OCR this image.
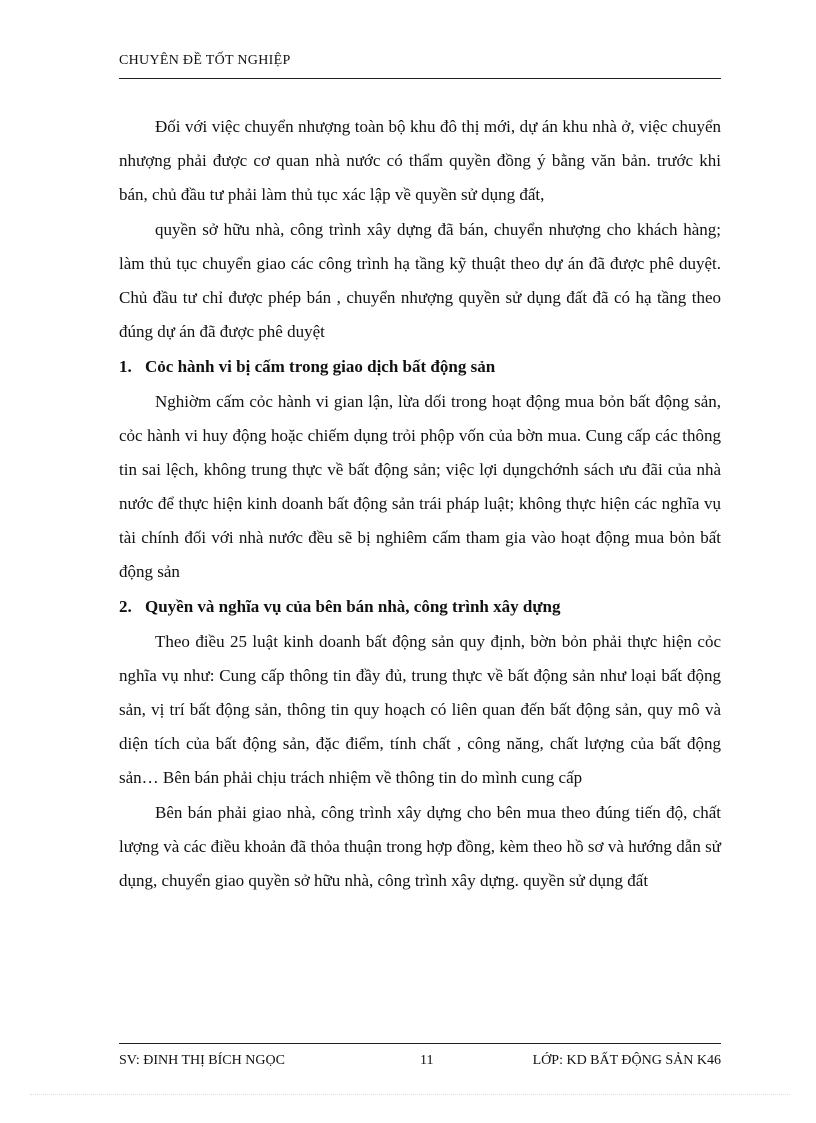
CHUYÊN ĐỀ TỐT NGHIỆP

Đối với việc chuyển nhượng toàn bộ khu đô thị mới, dự án khu nhà ở, việc chuyển nhượng phải được cơ quan nhà nước có thẩm quyền đồng ý bằng văn bản. trước khi bán, chủ đầu tư phải làm thủ tục xác lập về quyền sử dụng đất,

quyền sở hữu nhà, công trình xây dựng đã bán, chuyển nhượng cho khách hàng; làm thủ tục chuyển giao các công trình hạ tầng kỹ thuật theo dự án đã được phê duyệt. Chủ đầu tư chỉ được phép bán , chuyển nhượng quyền sử dụng đất đã có hạ tầng theo đúng dự án đã được phê duyệt

1. Cỏc hành vi bị cấm trong giao dịch bất động sản

Nghiờm cấm cỏc hành vi gian lận, lừa dối trong hoạt động mua bỏn bất động sản, cỏc hành vi huy động hoặc chiếm dụng trỏi phộp vốn của bờn mua. Cung cấp các thông tin sai lệch, không trung thực về bất động sản; việc lợi dụngchớnh sách ưu đãi của nhà nước để thực hiện kinh doanh bất động sản trái pháp luật; không thực hiện các nghĩa vụ tài chính đối với nhà nước đều sẽ bị nghiêm cấm tham gia vào hoạt động mua bỏn bất động sản

2. Quyền và nghĩa vụ của bên bán nhà, công trình xây dựng

Theo điều 25 luật kinh doanh bất động sản quy định, bờn bỏn phải thực hiện cỏc nghĩa vụ như: Cung cấp thông tin đầy đủ, trung thực về bất động sản như loại bất động sản, vị trí bất động sản, thông tin quy hoạch có liên quan đến bất động sản, quy mô và diện tích của bất động sản, đặc điểm, tính chất , công năng, chất lượng của bất động sản… Bên bán phải chịu trách nhiệm về thông tin do mình cung cấp

Bên bán phải giao nhà, công trình xây dựng cho bên mua theo đúng tiến độ, chất lượng và các điều khoản đã thỏa thuận trong hợp đồng, kèm theo hồ sơ và hướng dẫn sử dụng, chuyển giao quyền sở hữu nhà, công trình xây dựng. quyền sử dụng đất

SV: ĐINH THỊ BÍCH NGỌC	11	LỚP: KD BẤT ĐỘNG SẢN K46
